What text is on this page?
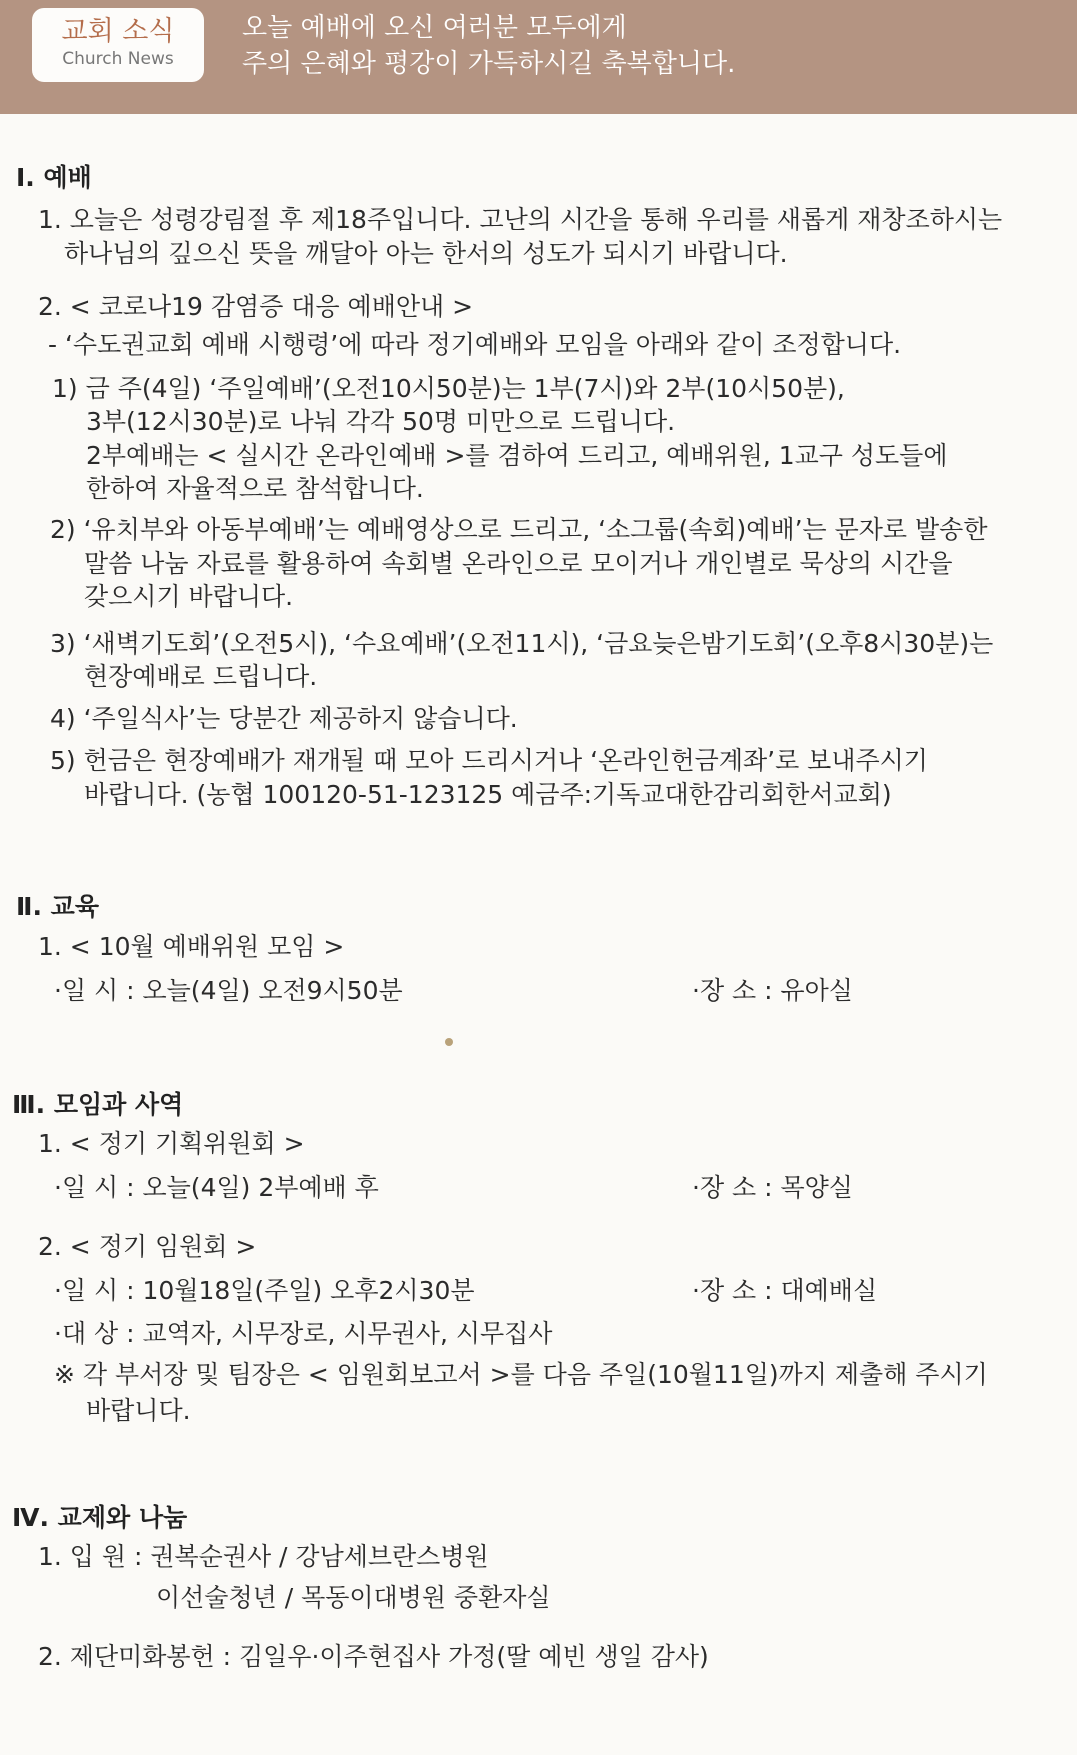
교회 소식
Church News
오늘 예배에 오신 여러분 모두에게
주의 은혜와 평강이 가득하시길 축복합니다.
Ⅰ. 예배
1. 오늘은 성령강림절 후 제18주입니다. 고난의 시간을 통해 우리를 새롭게 재창조하시는
하나님의 깊으신 뜻을 깨달아 아는 한서의 성도가 되시기 바랍니다.
2. < 코로나19 감염증 대응 예배안내 >
- ‘수도권교회 예배 시행령’에 따라 정기예배와 모임을 아래와 같이 조정합니다.
1) 금 주(4일) ‘주일예배’(오전10시50분)는 1부(7시)와 2부(10시50분),
3부(12시30분)로 나눠 각각 50명 미만으로 드립니다.
2부예배는 < 실시간 온라인예배 >를 겸하여 드리고, 예배위원, 1교구 성도들에
한하여 자율적으로 참석합니다.
2) ‘유치부와 아동부예배’는 예배영상으로 드리고, ‘소그룹(속회)예배’는 문자로 발송한
말씀 나눔 자료를 활용하여 속회별 온라인으로 모이거나 개인별로 묵상의 시간을
갖으시기 바랍니다.
3) ‘새벽기도회’(오전5시), ‘수요예배’(오전11시), ‘금요늦은밤기도회’(오후8시30분)는
현장예배로 드립니다.
4) ‘주일식사’는 당분간 제공하지 않습니다.
5) 헌금은 현장예배가 재개될 때 모아 드리시거나 ‘온라인헌금계좌’로 보내주시기
바랍니다. (농협 100120-51-123125 예금주:기독교대한감리회한서교회)
Ⅱ. 교육
1. < 10월 예배위원 모임 >
·일 시 : 오늘(4일) 오전9시50분	·장 소 : 유아실
Ⅲ. 모임과 사역
1. < 정기 기획위원회 >
·일 시 : 오늘(4일) 2부예배 후	·장 소 : 목양실
2. < 정기 임원회 >
·일 시 : 10월18일(주일) 오후2시30분	·장 소 : 대예배실
·대 상 : 교역자, 시무장로, 시무권사, 시무집사
※ 각 부서장 및 팀장은 < 임원회보고서 >를 다음 주일(10월11일)까지 제출해 주시기
바랍니다.
Ⅳ. 교제와 나눔
1. 입 원 : 권복순권사 / 강남세브란스병원
이선술청년 / 목동이대병원 중환자실
2. 제단미화봉헌 : 김일우·이주현집사 가정(딸 예빈 생일 감사)
